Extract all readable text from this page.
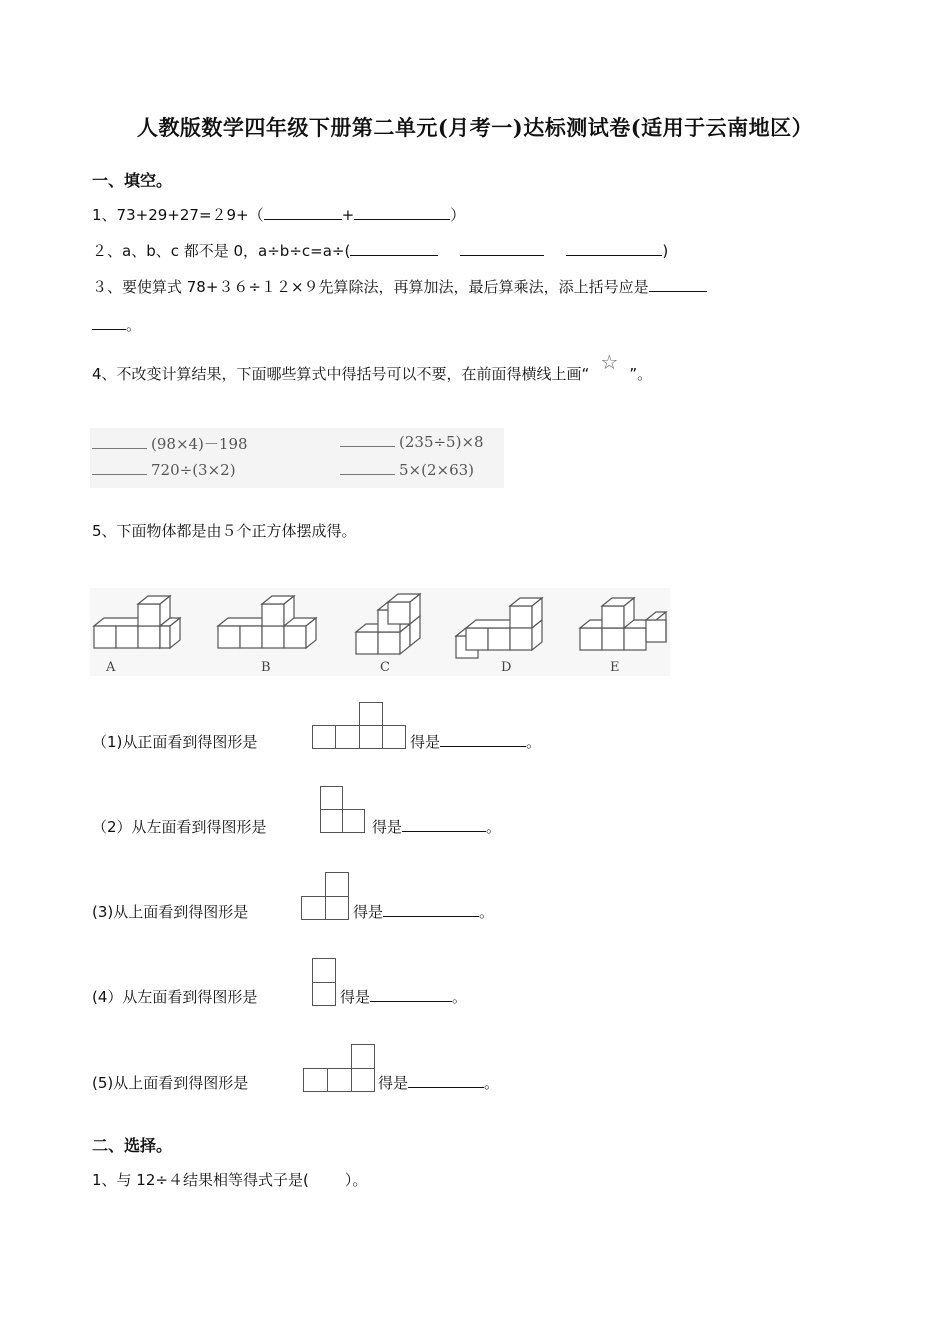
人教版数学四年级下册第二单元(月考一)达标测试卷(适用于云南地区）
一、填空。
1、73+29+27=２9+（	+	）
２、a、b、c 都不是 0，a÷b÷c=a÷(	)
３、要使算式 78+３６÷１２×９先算除法，再算加法，最后算乘法，添上括号应是
。
4、不改变计算结果，下面哪些算式中得括号可以不要，在前面得横线上画“ ☆ ”。
(98×4)－198	(235÷5)×8
720÷(3×2)	5×(2×63)
5、下面物体都是由５个正方体摆成得。
A	B	C	D	E
（1)从正面看到得图形是	得是	。
（2）从左面看到得图形是	得是	。
(3)从上面看到得图形是	得是	。
(4）从左面看到得图形是	得是	。
(5)从上面看到得图形是	得是	。
二、选择。
1、与 12÷４结果相等得式子是( ）。
